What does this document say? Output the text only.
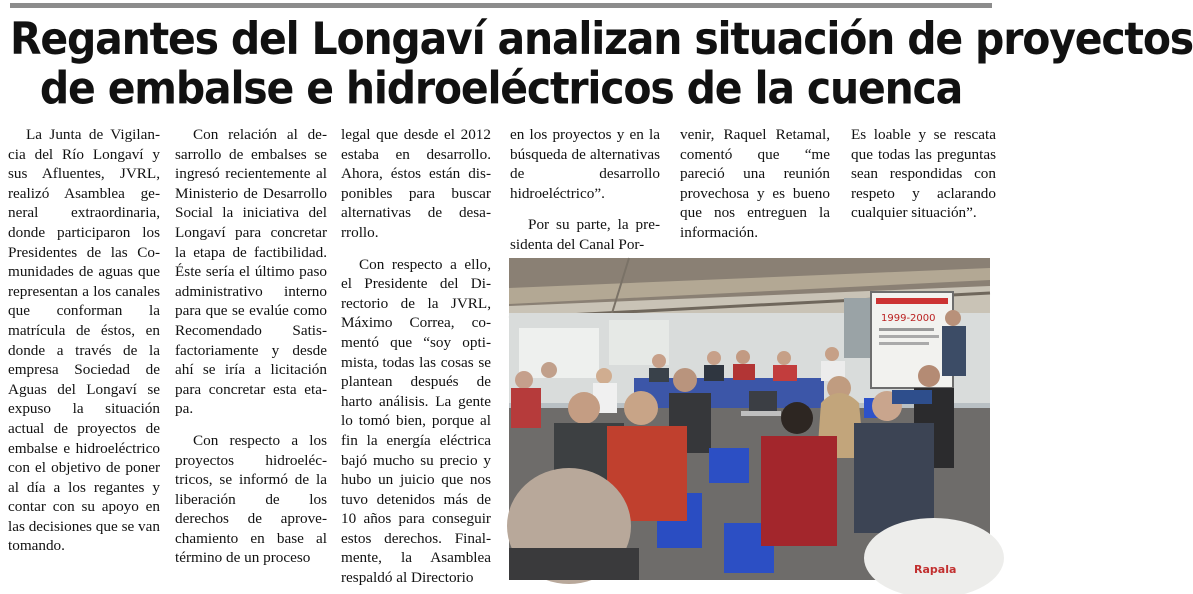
Regantes del Longaví analizan situación de proyectos
de embalse e hidroeléctricos de la cuenca

La Junta de Vigilancia del Río Longaví y sus Afluentes, JVRL, realizó Asamblea general extraordinaria, donde participaron los Presidentes de las Comunidades de aguas que representan a los canales que conforman la matrícula de éstos, en donde a través de la empresa Sociedad de Aguas del Longaví se expuso la situación actual de proyectos de embalse e hidroeléctrico con el objetivo de poner al día a los regantes y contar con su apoyo en las decisiones que se van tomando.

Con relación al desarrollo de embalses se ingresó recientemente al Ministerio de Desarrollo Social la iniciativa del Longaví para concretar la etapa de factibilidad. Éste sería el último paso administrativo interno para que se evalúe como Recomendado Satisfactoriamente y desde ahí se iría a licitación para concretar esta etapa.

Con respecto a los proyectos hidroeléctricos, se informó de la liberación de los derechos de aprovechamiento en base al término de un proceso

legal que desde el 2012 estaba en desarrollo. Ahora, éstos están disponibles para buscar alternativas de desarrollo.

Con respecto a ello, el Presidente del Directorio de la JVRL, Máximo Correa, comentó que “soy optimista, todas las cosas se plantean después de harto análisis. La gente lo tomó bien, porque al fin la energía eléctrica bajó mucho su precio y hubo un juicio que nos tuvo detenidos más de 10 años para conseguir estos derechos. Finalmente, la Asamblea respaldó al Directorio

en los proyectos y en la búsqueda de alternativas de desarrollo hidroeléctrico”.

Por su parte, la presidenta del Canal Por-

venir, Raquel Retamal, comentó que “me pareció una reunión provechosa y es bueno que nos entreguen la información.

Es loable y se rescata que todas las preguntas sean respondidas con respeto y aclarando cualquier situación”.

1999-2000
Rapala
